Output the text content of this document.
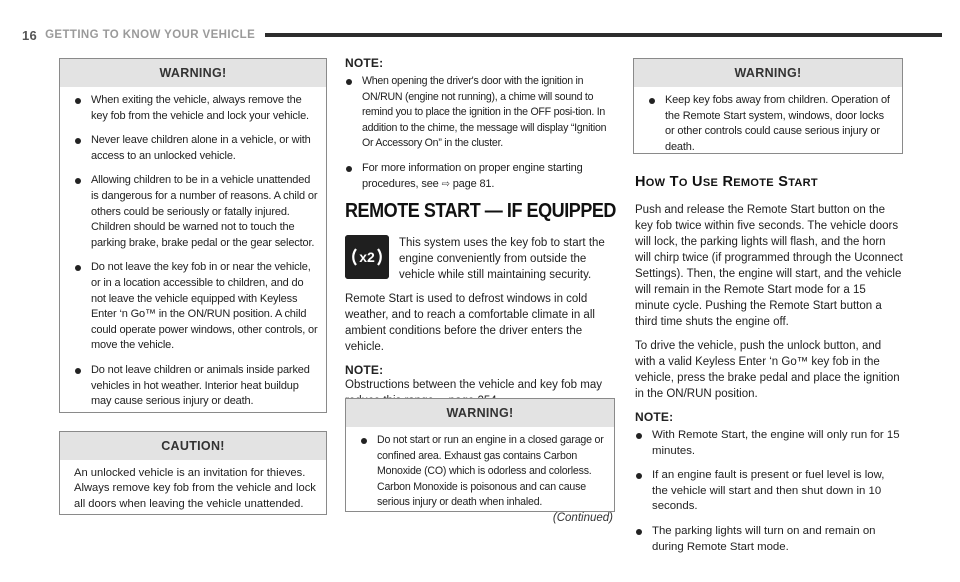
16 GETTING TO KNOW YOUR VEHICLE
WARNING!
When exiting the vehicle, always remove the key fob from the vehicle and lock your vehicle.
Never leave children alone in a vehicle, or with access to an unlocked vehicle.
Allowing children to be in a vehicle unattended is dangerous for a number of reasons. A child or others could be seriously or fatally injured. Children should be warned not to touch the parking brake, brake pedal or the gear selector.
Do not leave the key fob in or near the vehicle, or in a location accessible to children, and do not leave the vehicle equipped with Keyless Enter ‘n Go™ in the ON/RUN position. A child could operate power windows, other controls, or move the vehicle.
Do not leave children or animals inside parked vehicles in hot weather. Interior heat buildup may cause serious injury or death.
CAUTION!
An unlocked vehicle is an invitation for thieves. Always remove key fob from the vehicle and lock all doors when leaving the vehicle unattended.
NOTE:
When opening the driver's door with the ignition in ON/RUN (engine not running), a chime will sound to remind you to place the ignition in the OFF posi-tion. In addition to the chime, the message will display “Ignition Or Accessory On” in the cluster.
For more information on proper engine starting procedures, see ⇨ page 81.
REMOTE START — IF EQUIPPED
x2
This system uses the key fob to start the engine conveniently from outside the vehicle while still maintaining security.
Remote Start is used to defrost windows in cold weather, and to reach a comfortable climate in all ambient conditions before the driver enters the vehicle.
NOTE:
Obstructions between the vehicle and key fob may
WARNING!
Do not start or run an engine in a closed garage or confined area. Exhaust gas contains Carbon Monoxide (CO) which is odorless and colorless. Carbon Monoxide is poisonous and can cause serious injury or death when inhaled.
(Continued)
WARNING!
Keep key fobs away from children. Operation of the Remote Start system, windows, door locks or other controls could cause serious injury or death.
HOW TO USE REMOTE START
Push and release the Remote Start button on the key fob twice within five seconds. The vehicle doors will lock, the parking lights will flash, and the horn will chirp twice (if programmed through the Uconnect Settings). Then, the engine will start, and the vehicle will remain in the Remote Start mode for a 15 minute cycle. Pushing the Remote Start button a third time shuts the engine off.
To drive the vehicle, push the unlock button, and with a valid Keyless Enter ‘n Go™ key fob in the vehicle, press the brake pedal and place the ignition in the ON/RUN position.
NOTE:
With Remote Start, the engine will only run for 15 minutes.
If an engine fault is present or fuel level is low, the vehicle will start and then shut down in 10 seconds.
The parking lights will turn on and remain on during Remote Start mode.
